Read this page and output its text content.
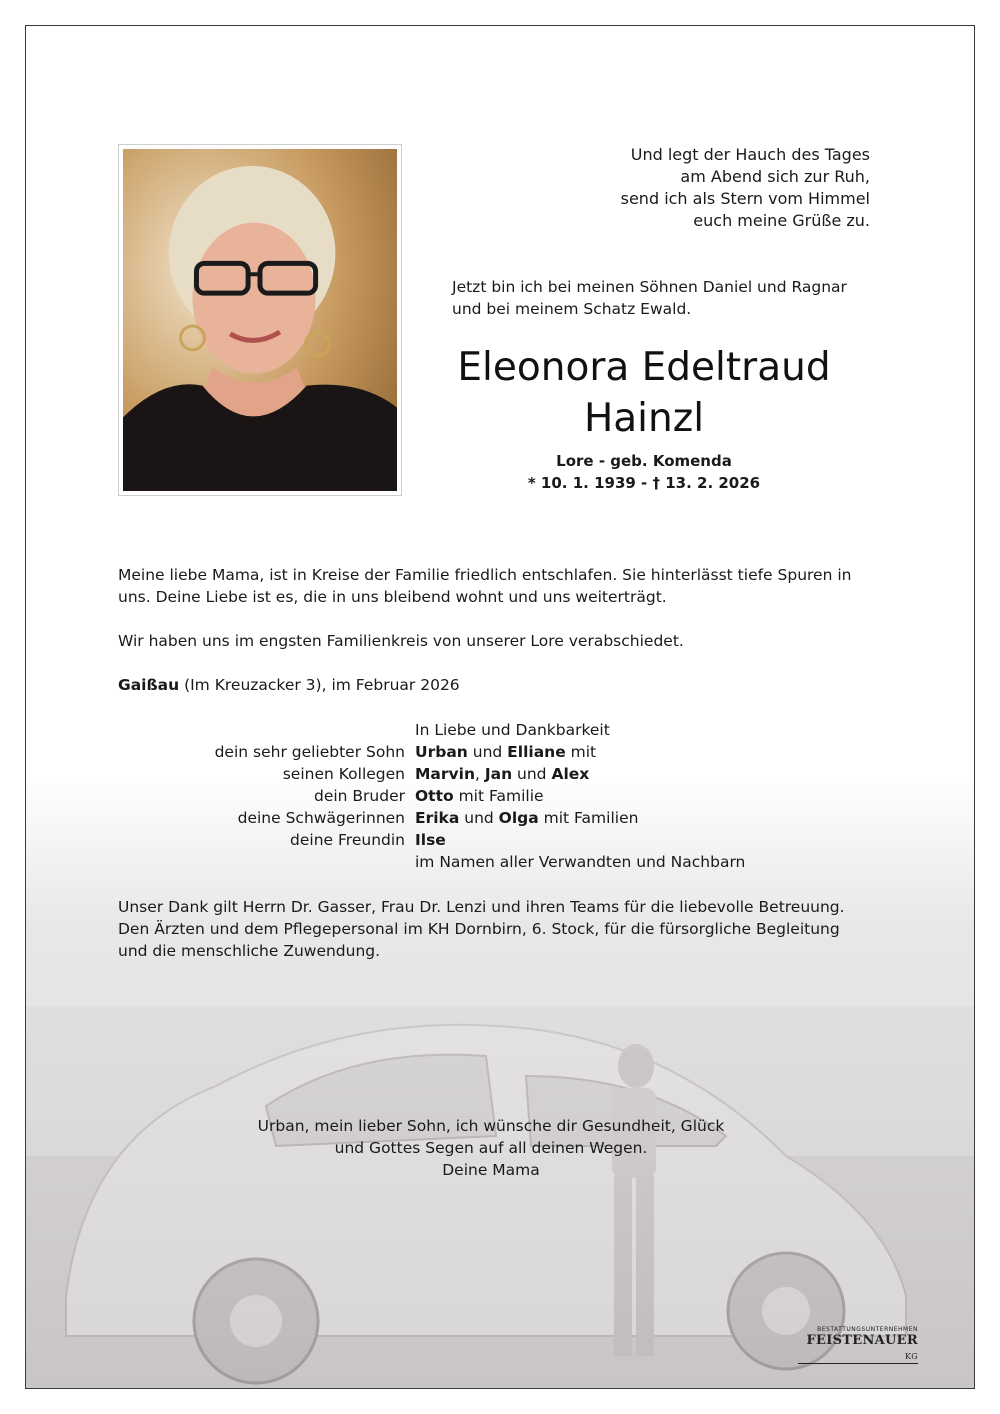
Und legt der Hauch des Tages
am Abend sich zur Ruh,
send ich als Stern vom Himmel
euch meine Grüße zu.
Jetzt bin ich bei meinen Söhnen Daniel und Ragnar
und bei meinem Schatz Ewald.
Eleonora Edeltraud
Hainzl
Lore - geb. Komenda
* 10. 1. 1939 - † 13. 2. 2026
Meine liebe Mama, ist in Kreise der Familie friedlich entschlafen. Sie hinterlässt tiefe Spuren in
uns. Deine Liebe ist es, die in uns bleibend wohnt und uns weiterträgt.
Wir haben uns im engsten Familienkreis von unserer Lore verabschiedet.
Gaißau (Im Kreuzacker 3), im Februar 2026
In Liebe und Dankbarkeit
dein sehr geliebter Sohn Urban und Elliane mit
seinen Kollegen Marvin, Jan und Alex
dein Bruder Otto mit Familie
deine Schwägerinnen Erika und Olga mit Familien
deine Freundin Ilse
im Namen aller Verwandten und Nachbarn
Unser Dank gilt Herrn Dr. Gasser, Frau Dr. Lenzi und ihren Teams für die liebevolle Betreuung.
Den Ärzten und dem Pflegepersonal im KH Dornbirn, 6. Stock, für die fürsorgliche Begleitung
und die menschliche Zuwendung.
Urban, mein lieber Sohn, ich wünsche dir Gesundheit, Glück
und Gottes Segen auf all deinen Wegen.
Deine Mama
BESTATTUNGSUNTERNEHMEN
FEISTENAUER KG
